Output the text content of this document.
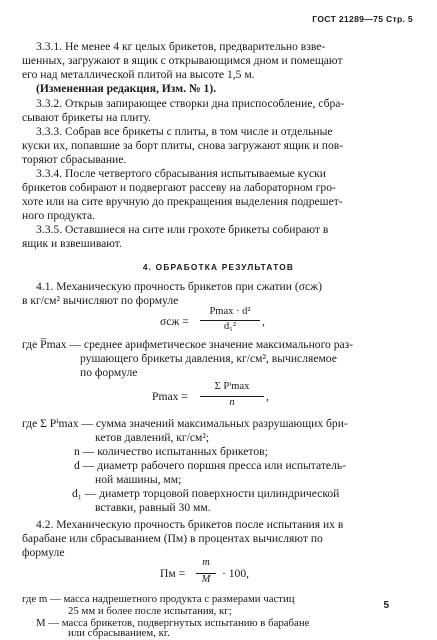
ГОСТ 21289—75 Стр. 5
3.3.1. Не менее 4 кг целых брикетов, предварительно взве-
шенных, загружают в ящик с открывающимся дном и помещают
его над металлической плитой на высоте 1,5 м.
(Измененная редакция, Изм. № 1).
3.3.2. Открыв запирающее створки дна приспособление, сбра-
сывают брикеты на плиту.
3.3.3. Собрав все брикеты с плиты, в том числе и отдельные
куски их, попавшие за борт плиты, снова загружают ящик и пов-
торяют сбрасывание.
3.3.4. После четвертого сбрасывания испытываемые куски
брикетов собирают и подвергают рассеву на лабораторном гро-
хоте или на сите вручную до прекращения выделения подрешет-
ного продукта.
3.3.5. Оставшиеся на сите или грохоте брикеты собирают в
ящик и взвешивают.
4. ОБРАБОТКА РЕЗУЛЬТАТОВ
4.1. Механическую прочность брикетов при сжатии (σсж)
в кг/см² вычисляют по формуле
σсж =
Pmax · d²
d₁²	,
где P̅max — среднее арифметическое значение максимального раз-
рушающего брикеты давления, кг/см², вычисляемое
по формуле
Pmax =
Σ Pⁱmax
n	,
где Σ Pⁱmax — сумма значений максимальных разрушающих бри-
кетов давлений, кг/см²;
n — количество испытанных брикетов;
d — диаметр рабочего поршня пресса или испытатель-
ной машины, мм;
d₁ — диаметр торцовой поверхности цилиндрической
вставки, равный 30 мм.
4.2. Механическую прочность брикетов после испытания их в
барабане или сбрасыванием (Пм) в процентах вычисляют по
формуле
Пм =
m
M	· 100,
где m — масса надрешетного продукта с размерами частиц
25 мм и более после испытания, кг;
M — масса брикетов, подвергнутых испытанию в барабане
или сбрасыванием, кг.
5
